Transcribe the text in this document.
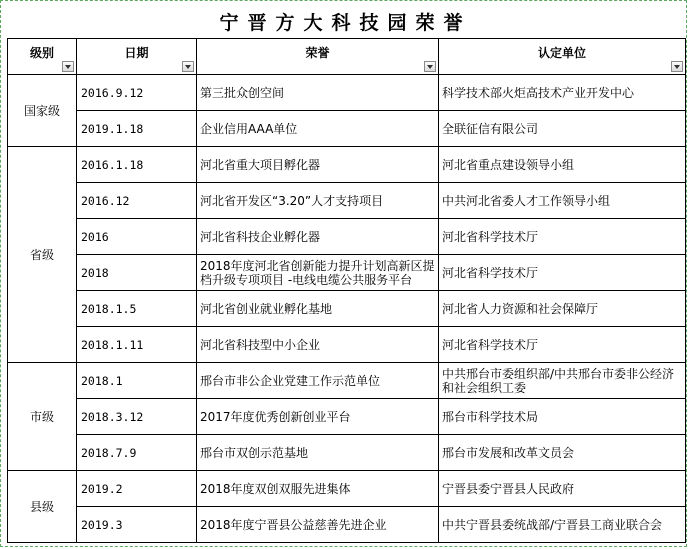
宁晋方大科技园荣誉
级别	日期	荣誉	认定单位

国家级	2016.9.12	第三批众创空间	科学技术部火炬高技术产业开发中心
	2019.1.18	企业信用AAA单位	全联征信有限公司
省级	2016.1.18	河北省重大项目孵化器	河北省重点建设领导小组
	2016.12	河北省开发区“3.20”人才支持项目	中共河北省委人才工作领导小组
	2016	河北省科技企业孵化器	河北省科学技术厅
	2018	2018年度河北省创新能力提升计划高新区提档升级专项项目 -电线电缆公共服务平台	河北省科学技术厅
	2018.1.5	河北省创业就业孵化基地	河北省人力资源和社会保障厅
	2018.1.11	河北省科技型中小企业	河北省科学技术厅
市级	2018.1	邢台市非公企业党建工作示范单位	中共邢台市委组织部/中共邢台市委非公经济和社会组织工委
	2018.3.12	2017年度优秀创新创业平台	邢台市科学技术局
	2018.7.9	邢台市双创示范基地	邢台市发展和改革文员会
县级	2019.2	2018年度双创双服先进集体	宁晋县委宁晋县人民政府
	2019.3	2018年度宁晋县公益慈善先进企业	中共宁晋县委统战部/宁晋县工商业联合会
